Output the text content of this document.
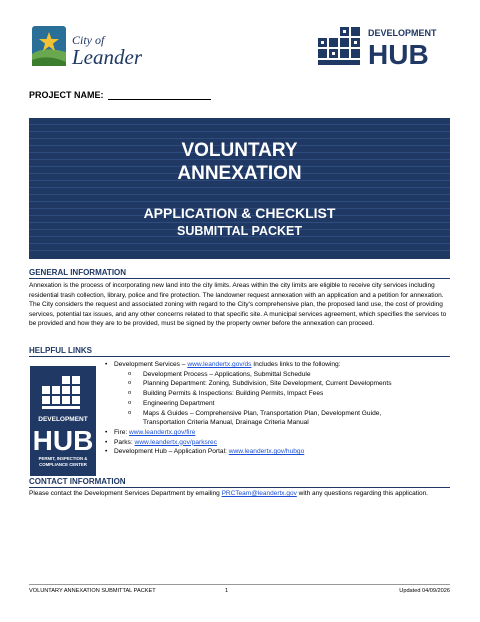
City of
Leander
DEVELOPMENT
HUB
PROJECT NAME:
VOLUNTARY
ANNEXATION
APPLICATION & CHECKLIST
SUBMITTAL PACKET
GENERAL INFORMATION
Annexation is the process of incorporating new land into the city limits. Areas within the city limits are eligible to receive city services including residential trash collection, library, police and fire protection. The landowner request annexation with an application and a petition for annexation. The City considers the request and associated zoning with regard to the City's comprehensive plan, the proposed land use, the cost of providing services, potential tax issues, and any other concerns related to that specific site. A municipal services agreement, which specifies the services to be provided and how they are to be provided, must be signed by the property owner before the annexation can proceed.
HELPFUL LINKS
DEVELOPMENT
HUB
PERMIT, INSPECTION &
COMPLIANCE CENTER
• Development Services – www.leandertx.gov/ds Includes links to the following:
o Development Process – Applications, Submittal Schedule
o Planning Department: Zoning, Subdivision, Site Development, Current Developments
o Building Permits & Inspections: Building Permits, Impact Fees
o Engineering Department
o Maps & Guides – Comprehensive Plan, Transportation Plan, Development Guide,
Transportation Criteria Manual, Drainage Criteria Manual
• Fire: www.leandertx.gov/fire
• Parks: www.leandertx.gov/parksrec
• Development Hub – Application Portal: www.leandertx.gov/hubgo
CONTACT INFORMATION
Please contact the Development Services Department by emailing PRCTeam@leandertx.gov with any questions regarding this application.
VOLUNTARY ANNEXATION SUBMITTAL PACKET	1	Updated 04/09/2026
